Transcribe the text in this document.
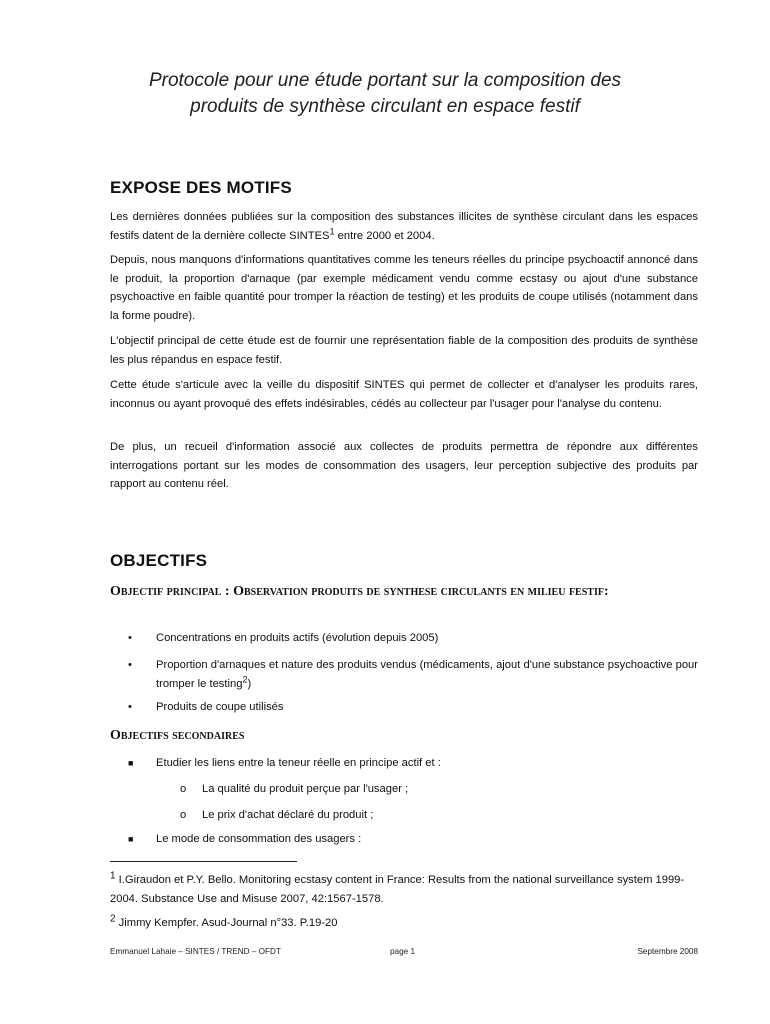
Protocole pour une étude portant sur la composition des
produits de synthèse circulant en espace festif
EXPOSE DES MOTIFS

Les dernières données publiées sur la composition des substances illicites de synthèse circulant dans les espaces festifs datent de la dernière collecte SINTES$^1$ entre 2000 et 2004.

Depuis, nous manquons d'informations quantitatives comme les teneurs réelles du principe psychoactif annoncé dans le produit, la proportion d'arnaque (par exemple médicament vendu comme ecstasy ou ajout d'une substance psychoactive en faible quantité pour tromper la réaction de testing) et les produits de coupe utilisés (notamment dans la forme poudre).

L'objectif principal de cette étude est de fournir une représentation fiable de la composition des produits de synthèse les plus répandus en espace festif.

Cette étude s'articule avec la veille du dispositif SINTES qui permet de collecter et d'analyser les produits rares, inconnus ou ayant provoqué des effets indésirables, cédés au collecteur par l'usager pour l'analyse du contenu.

De plus, un recueil d'information associé aux collectes de produits permettra de répondre aux différentes interrogations portant sur les modes de consommation des usagers, leur perception subjective des produits par rapport au contenu réel.

OBJECTIFS
Objectif principal : Observation produits de synthese circulants en milieu festif:
•	Concentrations en produits actifs (évolution depuis 2005)
•	Proportion d'arnaques et nature des produits vendus (médicaments, ajout d'une substance psychoactive pour tromper le testing$^2$)
•	Produits de coupe utilisés
Objectifs secondaires
■	Etudier les liens entre la teneur réelle en principe actif et :
o La qualité du produit perçue par l'usager ;
o Le prix d'achat déclaré du produit ;
■	Le mode de consommation des usagers :
$^1$ I.Giraudon et P.Y. Bello. Monitoring ecstasy content in France: Results from the national surveillance system 1999-2004. Substance Use and Misuse 2007, 42:1567-1578.
$^2$ Jimmy Kempfer. Asud-Journal n°33. P.19-20
Emmanuel Lahaie – SINTES / TREND – OFDT	page 1	Septembre 2008
